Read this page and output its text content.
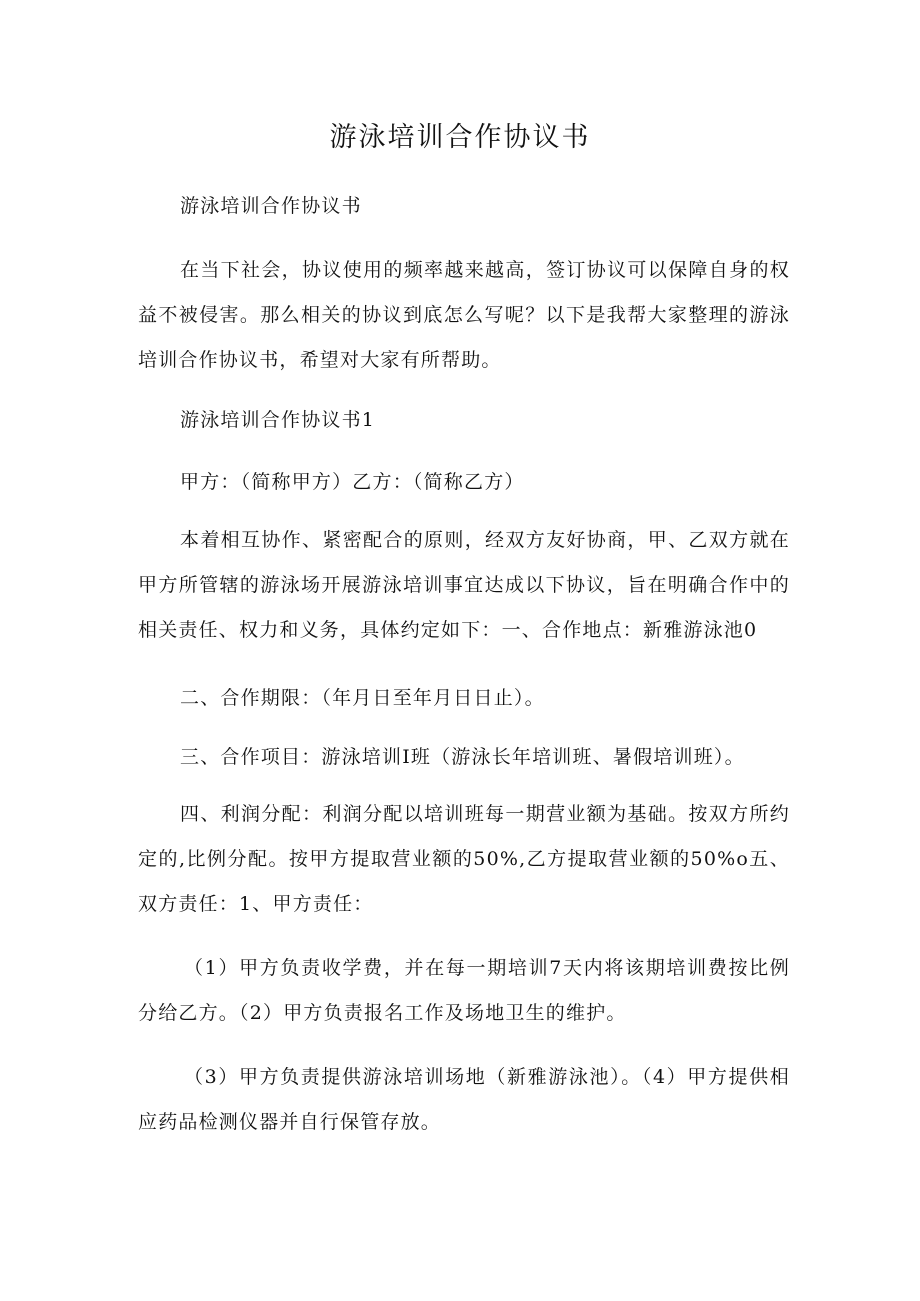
游泳培训合作协议书

游泳培训合作协议书

在当下社会，协议使用的频率越来越高，签订协议可以保障自身的权益不被侵害。那么相关的协议到底怎么写呢？以下是我帮大家整理的游泳培训合作协议书，希望对大家有所帮助。

游泳培训合作协议书1

甲方：（简称甲方）乙方：（简称乙方）

本着相互协作、紧密配合的原则，经双方友好协商，甲、乙双方就在甲方所管辖的游泳场开展游泳培训事宜达成以下协议，旨在明确合作中的相关责任、权力和义务，具体约定如下：一、合作地点：新雅游泳池0

二、合作期限：（年月日至年月日日止）。

三、合作项目：游泳培训I班（游泳长年培训班、暑假培训班）。

四、利润分配：利润分配以培训班每一期营业额为基础。按双方所约定的,比例分配。按甲方提取营业额的50%,乙方提取营业额的50%o五、双方责任：1、甲方责任：

（1）甲方负责收学费，并在每一期培训7天内将该期培训费按比例分给乙方。（2）甲方负责报名工作及场地卫生的维护。

（3）甲方负责提供游泳培训场地（新雅游泳池）。（4）甲方提供相应药品检测仪器并自行保管存放。
